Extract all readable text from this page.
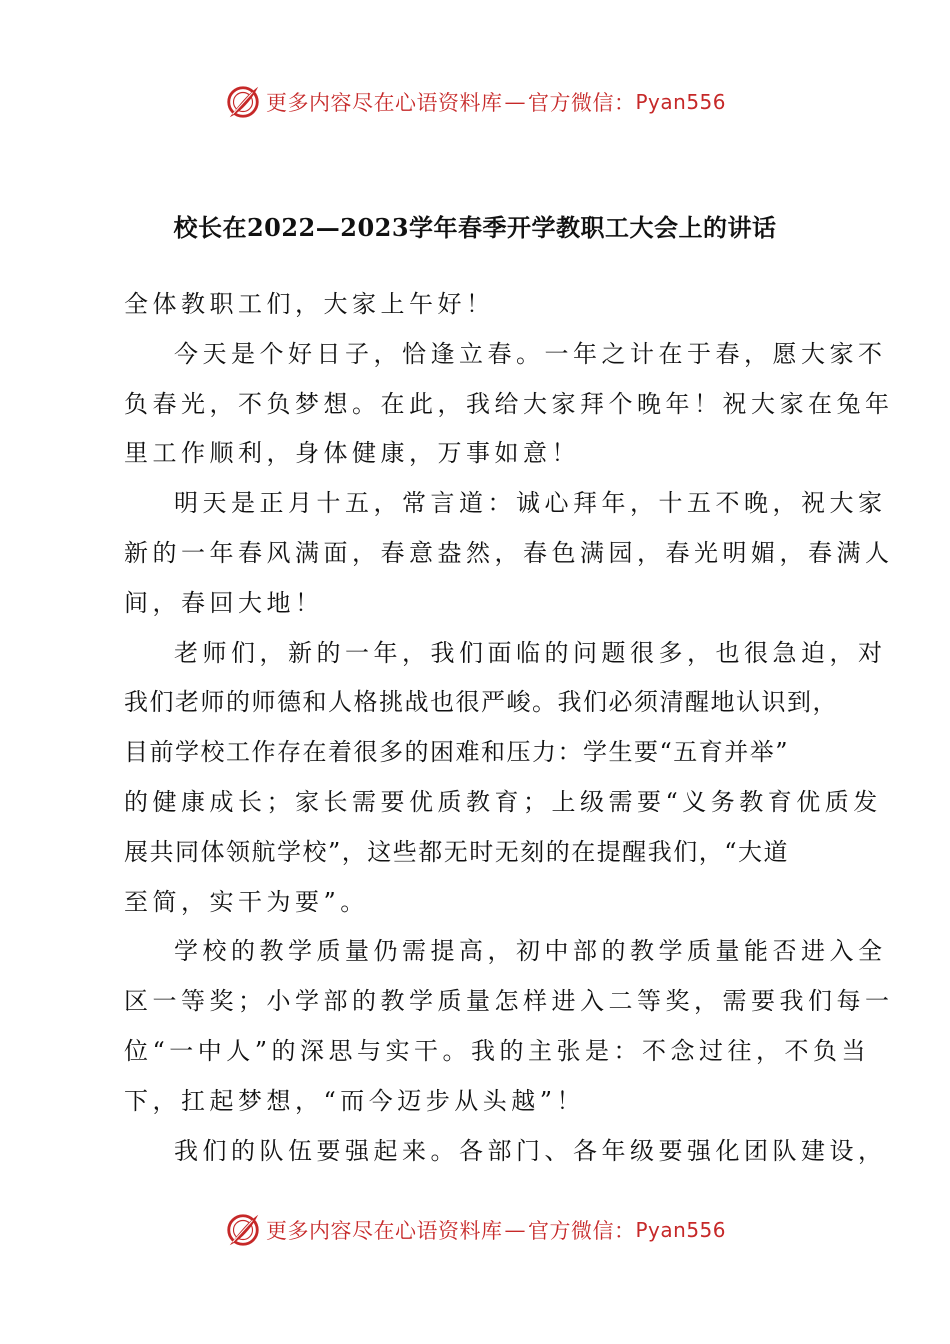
更多内容尽在心语资料库 — 官方微信： Pyan556
校长在2022—2023学年春季开学教职工大会上的讲话
全体教职工们，大家上午好！
今天是个好日子，恰逢立春。一年之计在于春，愿大家不
负春光，不负梦想。在此，我给大家拜个晚年！祝大家在兔年
里工作顺利，身体健康，万事如意！
明天是正月十五，常言道：诚心拜年，十五不晚，祝大家
新的一年春风满面，春意盎然，春色满园，春光明媚，春满人
间，春回大地！
老师们，新的一年，我们面临的问题很多，也很急迫，对
我们老师的师德和人格挑战也很严峻。我们必须清醒地认识到，
目前学校工作存在着很多的困难和压力：学生要“五育并举”
的健康成长；家长需要优质教育；上级需要“义务教育优质发
展共同体领航学校”，这些都无时无刻的在提醒我们，“大道
至简，实干为要”。
学校的教学质量仍需提高，初中部的教学质量能否进入全
区一等奖；小学部的教学质量怎样进入二等奖，需要我们每一
位“一中人”的深思与实干。我的主张是：不念过往，不负当
下，扛起梦想，“而今迈步从头越”！
我们的队伍要强起来。各部门、各年级要强化团队建设，
更多内容尽在心语资料库 — 官方微信： Pyan556
